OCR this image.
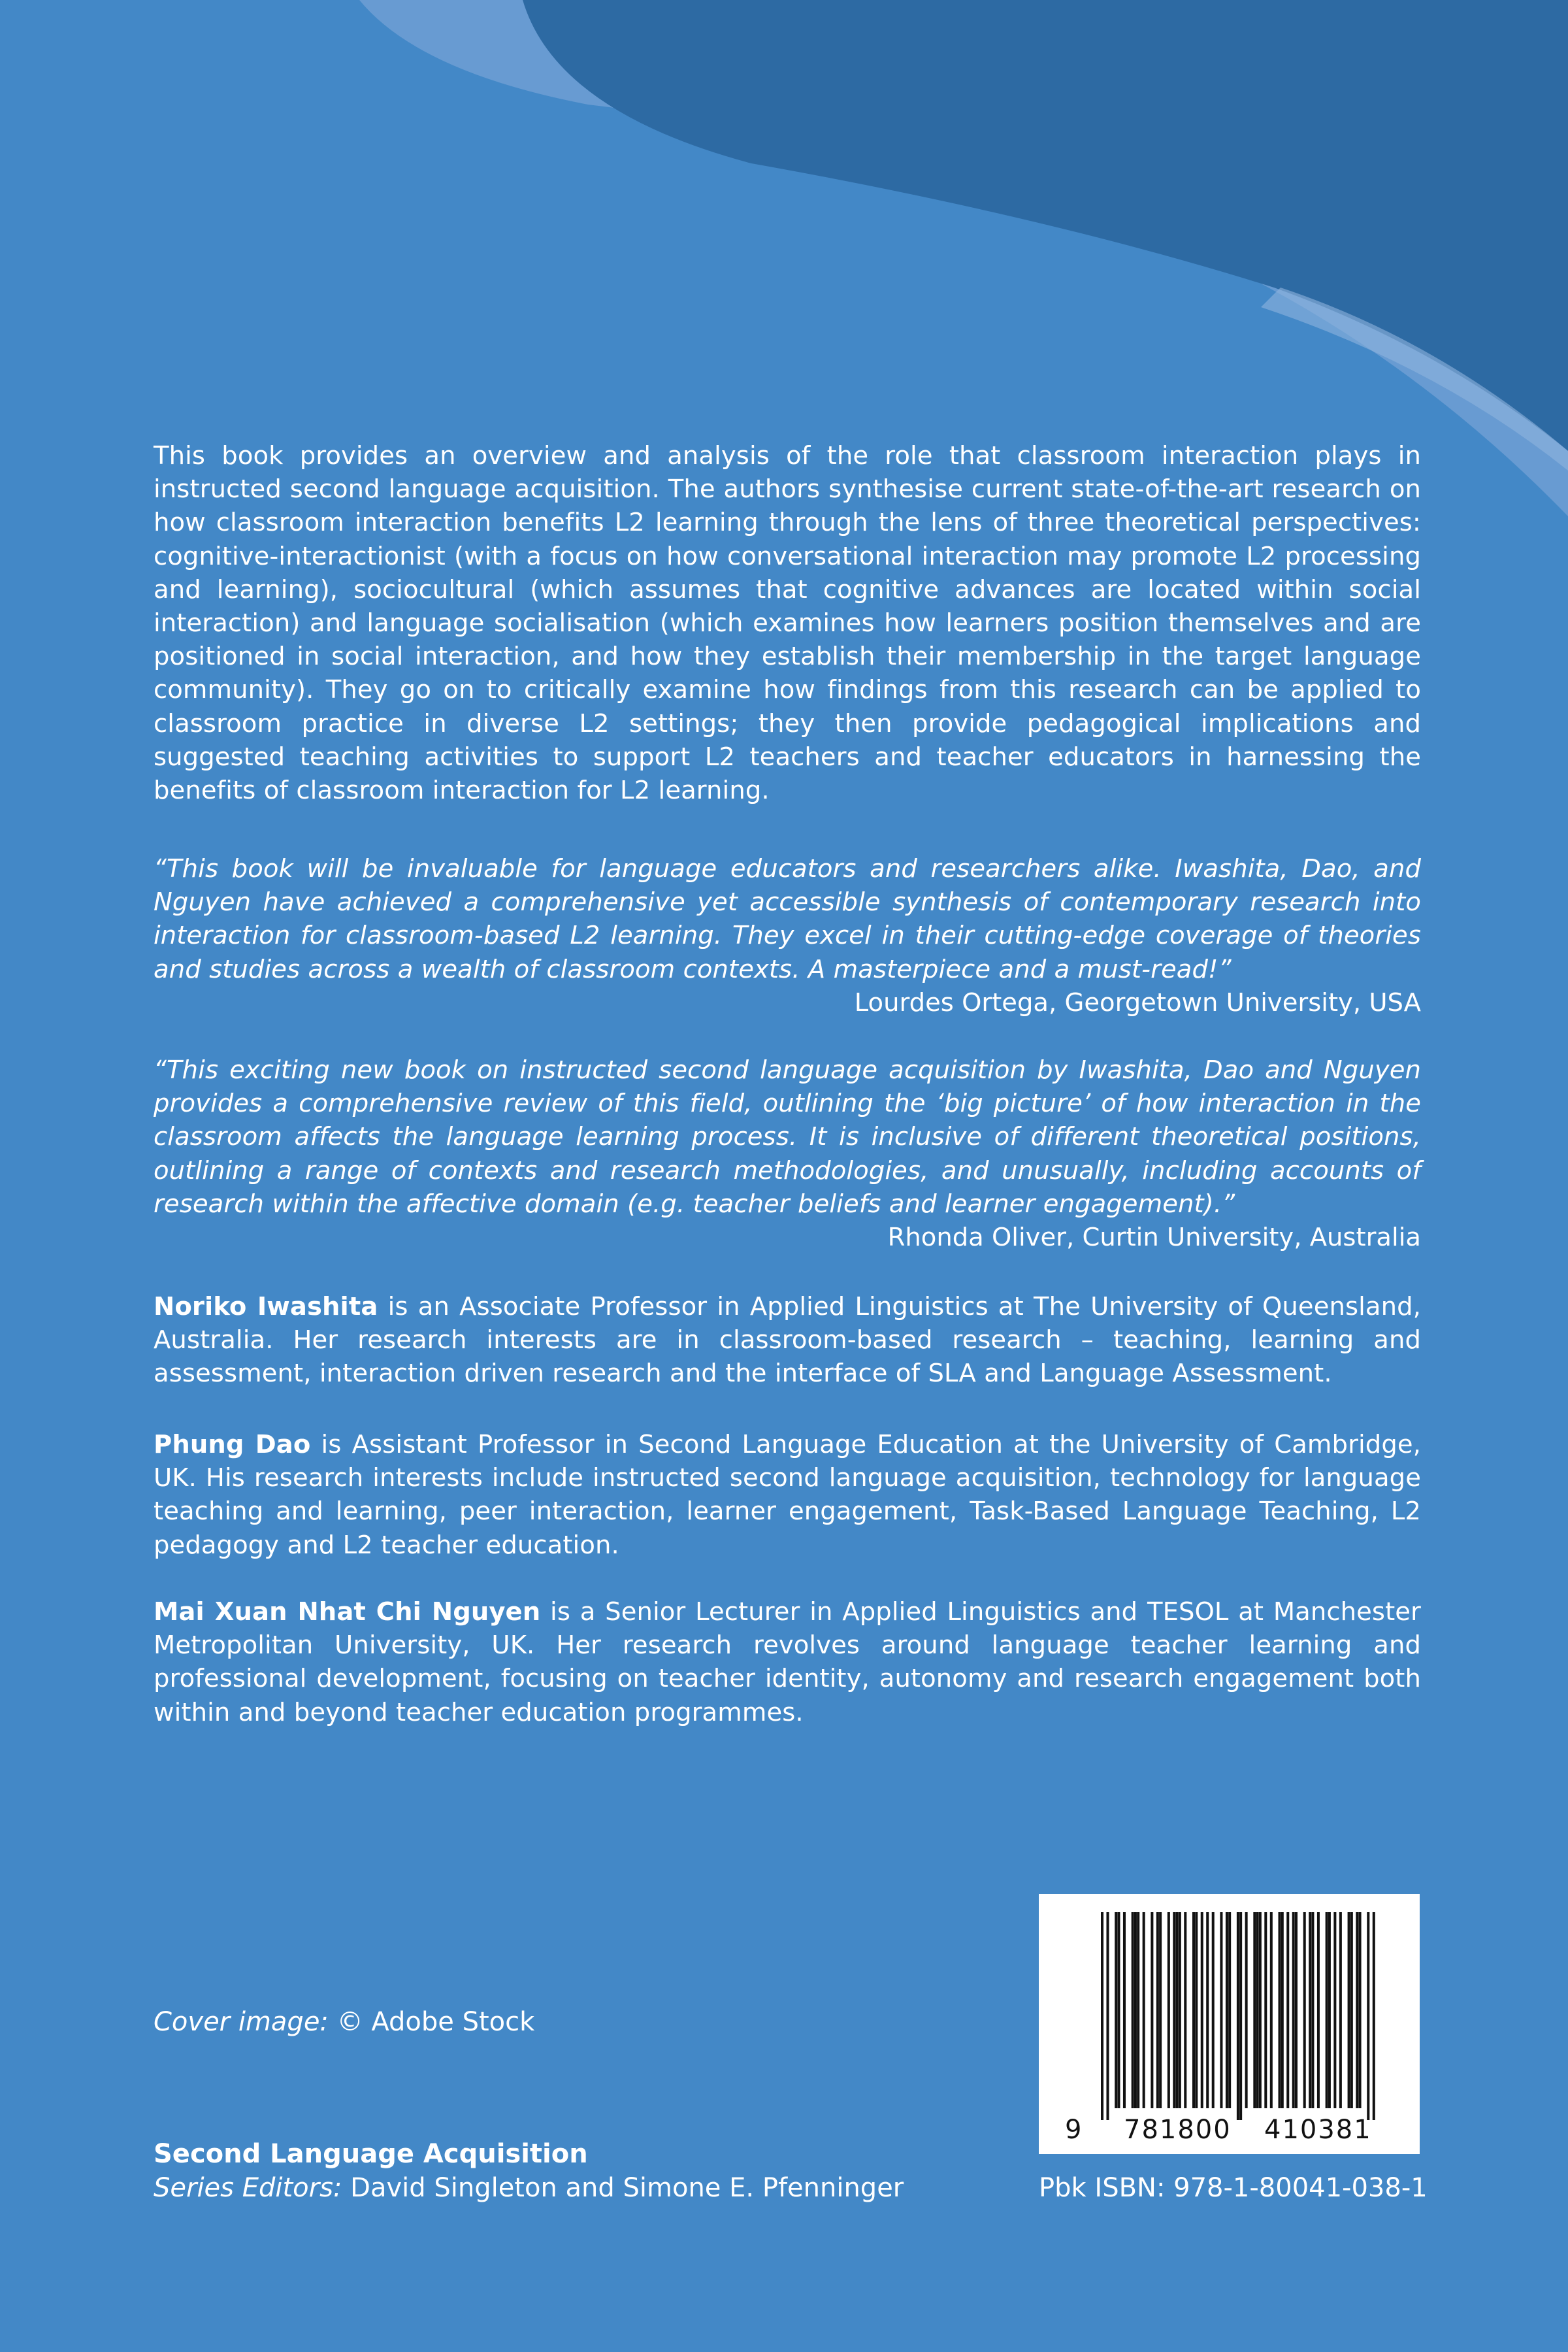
This book provides an overview and analysis of the role that classroom interaction plays in instructed second language acquisition. The authors synthesise current state-of-the-art research on how classroom interaction benefits L2 learning through the lens of three theoretical perspectives: cognitive-interactionist (with a focus on how conversational interaction may promote L2 processing and learning), sociocultural (which assumes that cognitive advances are located within social interaction) and language socialisation (which examines how learners position themselves and are positioned in social interaction, and how they establish their membership in the target language community). They go on to critically examine how findings from this research can be applied to classroom practice in diverse L2 settings; they then provide pedagogical implications and suggested teaching activities to support L2 teachers and teacher educators in harnessing the benefits of classroom interaction for L2 learning.

“This book will be invaluable for language educators and researchers alike. Iwashita, Dao, and Nguyen have achieved a comprehensive yet accessible synthesis of contemporary research into interaction for classroom-based L2 learning. They excel in their cutting-edge coverage of theories and studies across a wealth of classroom contexts. A masterpiece and a must-read!”

Lourdes Ortega, Georgetown University, USA

“This exciting new book on instructed second language acquisition by Iwashita, Dao and Nguyen provides a comprehensive review of this field, outlining the ‘big picture’ of how interaction in the classroom affects the language learning process. It is inclusive of different theoretical positions, outlining a range of contexts and research methodologies, and unusually, including accounts of research within the affective domain (e.g. teacher beliefs and learner engagement).”

Rhonda Oliver, Curtin University, Australia

Noriko Iwashita is an Associate Professor in Applied Linguistics at The University of Queensland, Australia. Her research interests are in classroom-based research – teaching, learning and assessment, interaction driven research and the interface of SLA and Language Assessment.

Phung Dao is Assistant Professor in Second Language Education at the University of Cambridge, UK. His research interests include instructed second language acquisition, technology for language teaching and learning, peer interaction, learner engagement, Task-Based Language Teaching, L2 pedagogy and L2 teacher education.

Mai Xuan Nhat Chi Nguyen is a Senior Lecturer in Applied Linguistics and TESOL at Manchester Metropolitan University, UK. Her research revolves around language teacher learning and professional development, focusing on teacher identity, autonomy and research engagement both within and beyond teacher education programmes.

Cover image: © Adobe Stock

Second Language Acquisition

Series Editors: David Singleton and Simone E. Pfenninger

9 781800 410381

Pbk ISBN: 978-1-80041-038-1
